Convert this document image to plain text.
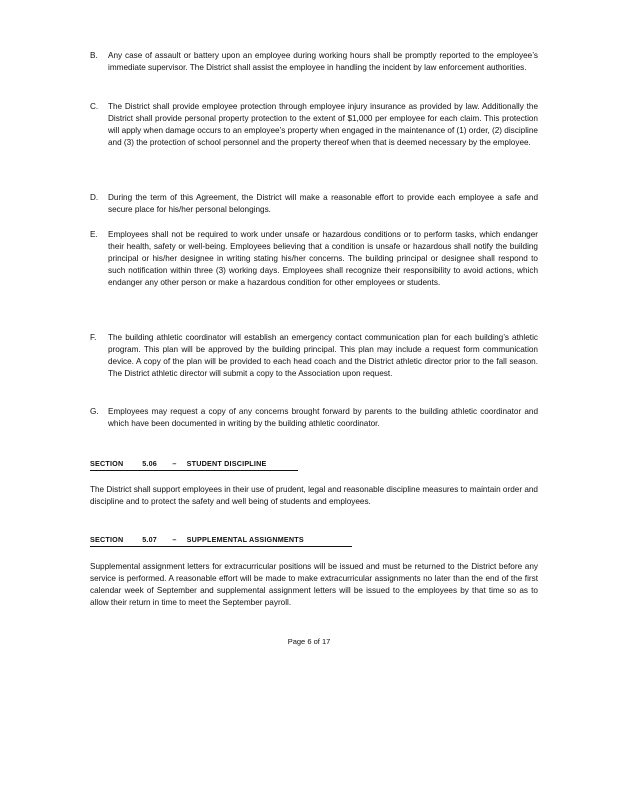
B.	Any case of assault or battery upon an employee during working hours shall be promptly reported to the employee’s immediate supervisor. The District shall assist the employee in handling the incident by law enforcement authorities.
C.	The District shall provide employee protection through employee injury insurance as provided by law. Additionally the District shall provide personal property protection to the extent of $1,000 per employee for each claim. This protection will apply when damage occurs to an employee’s property when engaged in the maintenance of (1) order, (2) discipline and (3) the protection of school personnel and the property thereof when that is deemed necessary by the employee.
D.	During the term of this Agreement, the District will make a reasonable effort to provide each employee a safe and secure place for his/her personal belongings.
E.	Employees shall not be required to work under unsafe or hazardous conditions or to perform tasks, which endanger their health, safety or well-being. Employees believing that a condition is unsafe or hazardous shall notify the building principal or his/her designee in writing stating his/her concerns. The building principal or designee shall respond to such notification within three (3) working days. Employees shall recognize their responsibility to avoid actions, which endanger any other person or make a hazardous condition for other employees or students.
F.	The building athletic coordinator will establish an emergency contact communication plan for each building’s athletic program. This plan will be approved by the building principal. This plan may include a request form communication device. A copy of the plan will be provided to each head coach and the District athletic director prior to the fall season. The District athletic director will submit a copy to the Association upon request.
G.	Employees may request a copy of any concerns brought forward by parents to the building athletic coordinator and which have been documented in writing by the building athletic coordinator.
SECTION	5.06 – STUDENT DISCIPLINE
The District shall support employees in their use of prudent, legal and reasonable discipline measures to maintain order and discipline and to protect the safety and well being of students and employees.
SECTION	5.07 – SUPPLEMENTAL ASSIGNMENTS
Supplemental assignment letters for extracurricular positions will be issued and must be returned to the District before any service is performed. A reasonable effort will be made to make extracurricular assignments no later than the end of the first calendar week of September and supplemental assignment letters will be issued to the employees by that time so as to allow their return in time to meet the September payroll.
Page 6 of 17
